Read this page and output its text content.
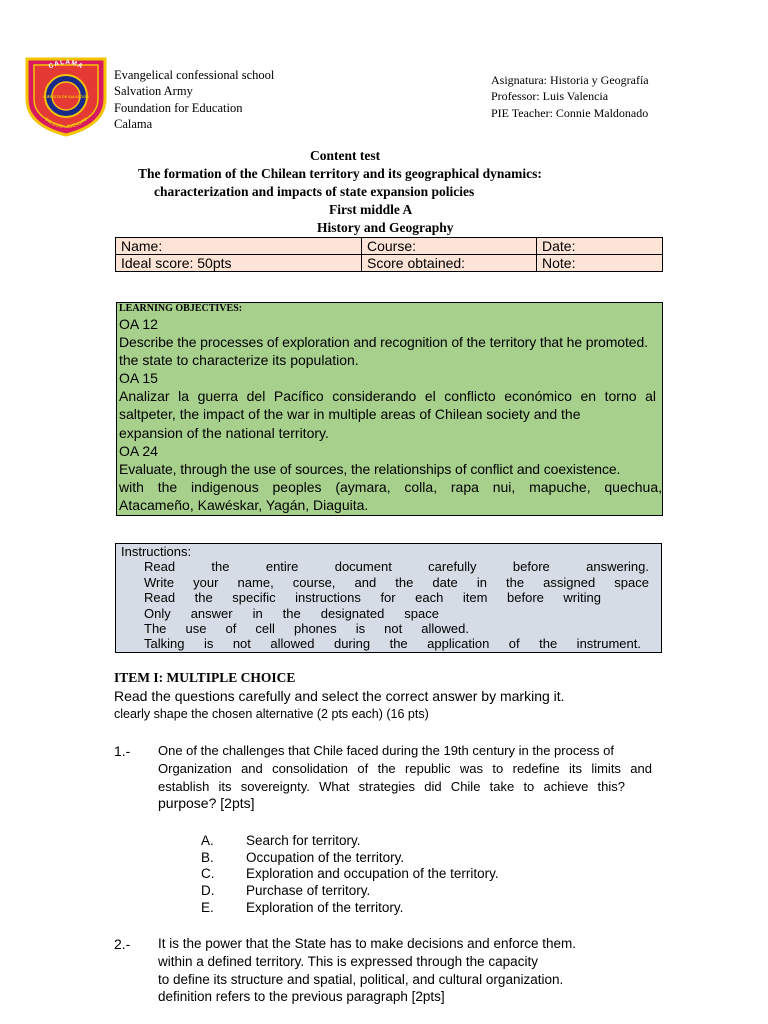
CALAMA
COLEGIO · EJÉRCITO
EJÉRCITO DE SALVACIÓN
Evangelical confessional school
Salvation Army
Foundation for Education
Calama
Asignatura: Historia y Geografía
Professor: Luis Valencia
PIE Teacher: Connie Maldonado
Content test
The formation of the Chilean territory and its geographical dynamics:
characterization and impacts of state expansion policies
First middle A
History and Geography
Name:	Course:	Date:
Ideal score: 50pts	Score obtained:	Note:
LEARNING OBJECTIVES:
OA 12
Describe the processes of exploration and recognition of the territory that he promoted.
the state to characterize its population.
OA 15
Analizar la guerra del Pacífico considerando el conflicto económico en torno al
saltpeter, the impact of the war in multiple areas of Chilean society and the
expansion of the national territory.
OA 24
Evaluate, through the use of sources, the relationships of conflict and coexistence.
with the indigenous peoples (aymara, colla, rapa nui, mapuche, quechua,
Atacameño, Kawéskar, Yagán, Diaguita.
Instructions:
Read the entire document carefully before answering.
Write your name, course, and the date in the assigned space
Read the specific instructions for each item before writing
Only answer in the designated space
The use of cell phones is not allowed.
Talking is not allowed during the application of the instrument.
ITEM I: MULTIPLE CHOICE
Read the questions carefully and select the correct answer by marking it.
clearly shape the chosen alternative (2 pts each) (16 pts)
1.- One of the challenges that Chile faced during the 19th century in the process of
Organization and consolidation of the republic was to redefine its limits and
establish its sovereignty. What strategies did Chile take to achieve this?
purpose? [2pts]
A. Search for territory.
B. Occupation of the territory.
C. Exploration and occupation of the territory.
D. Purchase of territory.
E. Exploration of the territory.
2.- It is the power that the State has to make decisions and enforce them.
within a defined territory. This is expressed through the capacity
to define its structure and spatial, political, and cultural organization.
definition refers to the previous paragraph [2pts]
